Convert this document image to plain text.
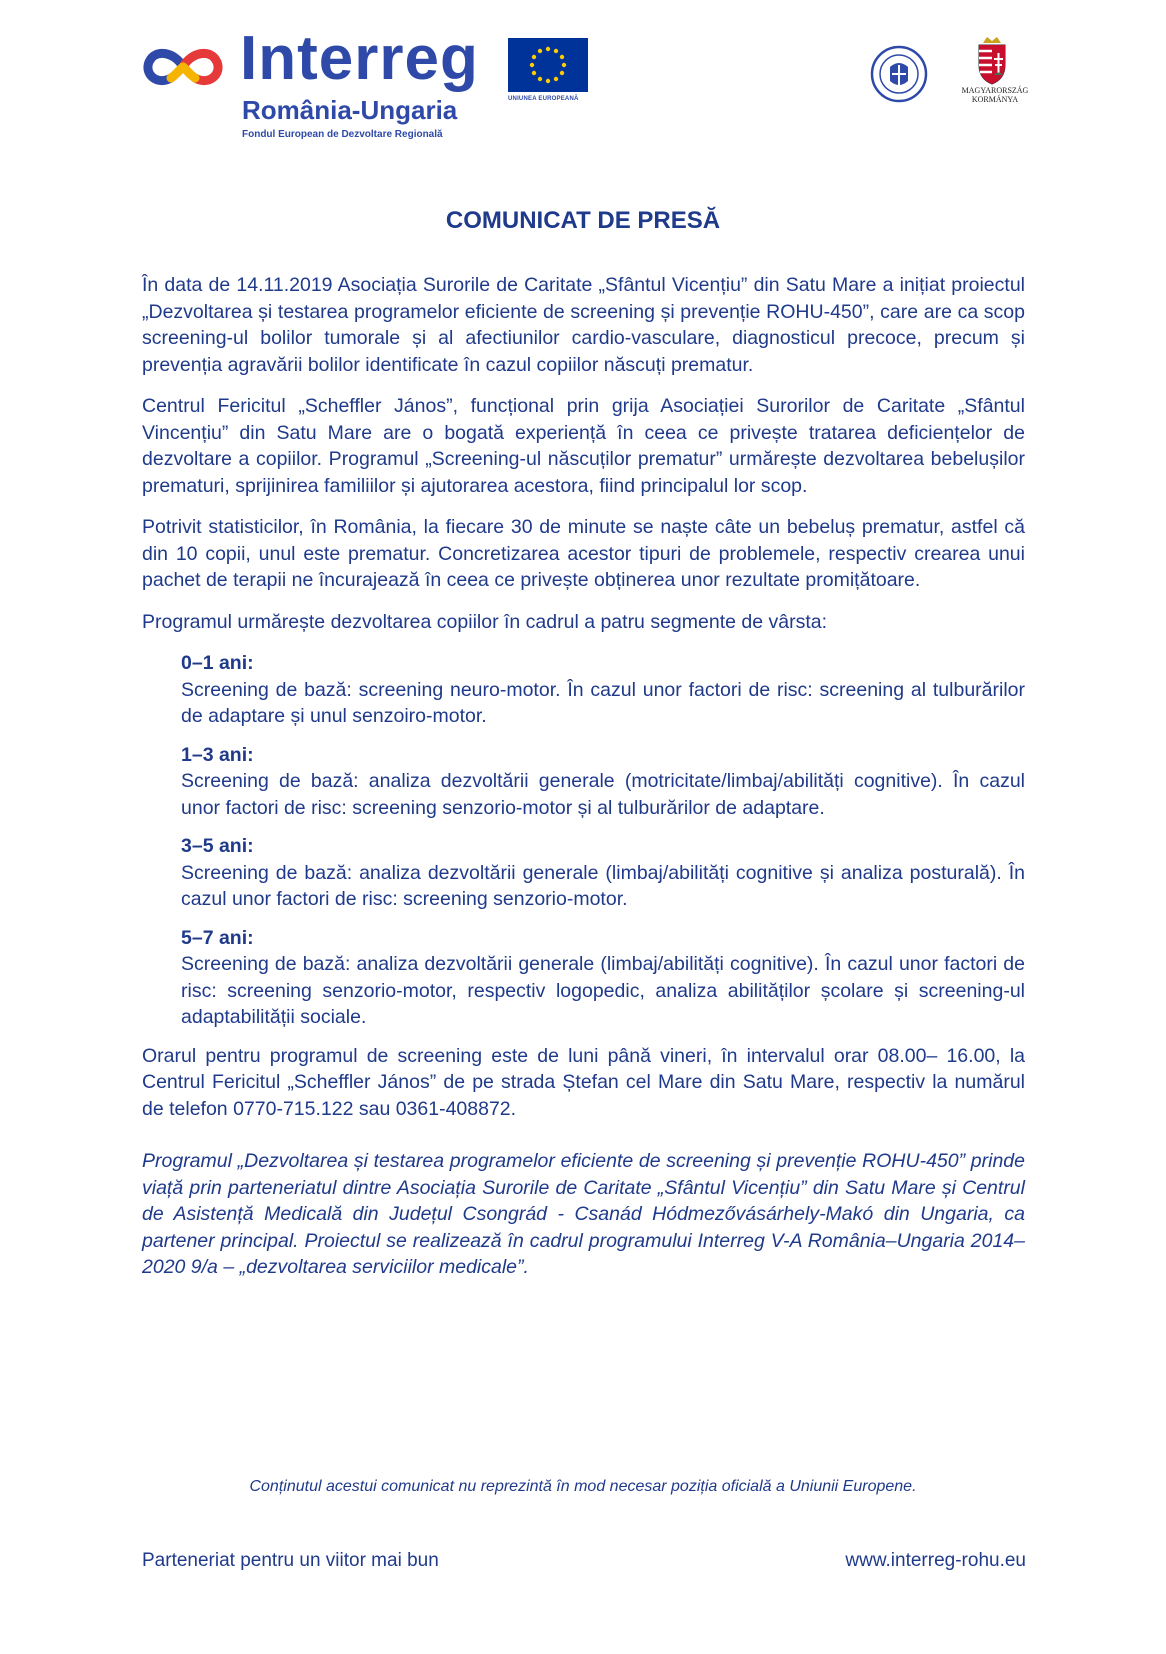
Interreg
România-Ungaria
Fondul European de Dezvoltare Regională
UNIUNEA EUROPEANĂ
MAGYARORSZÁG
KORMÁNYA
COMUNICAT DE PRESĂ

În data de 14.11.2019 Asociația Surorile de Caritate „Sfântul Vicențiu” din Satu Mare a inițiat proiectul „Dezvoltarea și testarea programelor eficiente de screening și prevenție ROHU-450”, care are ca scop screening-ul bolilor tumorale și al afectiunilor cardio-vasculare, diagnosticul precoce, precum și prevenția agravării bolilor identificate în cazul copiilor născuți prematur.

Centrul Fericitul „Scheffler János”, funcțional prin grija Asociației Surorilor de Caritate „Sfântul Vincențiu” din Satu Mare are o bogată experiență în ceea ce privește tratarea deficiențelor de dezvoltare a copiilor. Programul „Screening-ul născuților prematur” urmărește dezvoltarea bebelușilor prematuri, sprijinirea familiilor și ajutorarea acestora, fiind principalul lor scop.

Potrivit statisticilor, în România, la fiecare 30 de minute se naște câte un bebeluș prematur, astfel că din 10 copii, unul este prematur. Concretizarea acestor tipuri de problemele, respectiv crearea unui pachet de terapii ne încurajează în ceea ce privește obținerea unor rezultate promițătoare.

Programul urmărește dezvoltarea copiilor în cadrul a patru segmente de vârsta:

0–1 ani:
Screening de bază: screening neuro-motor. În cazul unor factori de risc: screening al tulburărilor de adaptare și unul senzoiro-motor.
1–3 ani:
Screening de bază: analiza dezvoltării generale (motricitate/limbaj/abilități cognitive). În cazul unor factori de risc: screening senzorio-motor și al tulburărilor de adaptare.
3–5 ani:
Screening de bază: analiza dezvoltării generale (limbaj/abilități cognitive și analiza posturală). În cazul unor factori de risc: screening senzorio-motor.
5–7 ani:
Screening de bază: analiza dezvoltării generale (limbaj/abilități cognitive). În cazul unor factori de risc: screening senzorio-motor, respectiv logopedic, analiza abilităților școlare și screening-ul adaptabilității sociale.

Orarul pentru programul de screening este de luni până vineri, în intervalul orar 08.00– 16.00, la Centrul Fericitul „Scheffler János” de pe strada Ștefan cel Mare din Satu Mare, respectiv la numărul de telefon 0770-715.122 sau 0361-408872.

Programul „Dezvoltarea și testarea programelor eficiente de screening și prevenție ROHU-450” prinde viață prin parteneriatul dintre Asociația Surorile de Caritate „Sfântul Vicențiu” din Satu Mare și Centrul de Asistență Medicală din Județul Csongrád - Csanád Hódmezővásárhely-Makó din Ungaria, ca partener principal. Proiectul se realizează în cadrul programului Interreg V-A România–Ungaria 2014–2020 9/a – „dezvoltarea serviciilor medicale”.

Conținutul acestui comunicat nu reprezintă în mod necesar poziția oficială a Uniunii Europene.
Parteneriat pentru un viitor mai bun	www.interreg-rohu.eu
